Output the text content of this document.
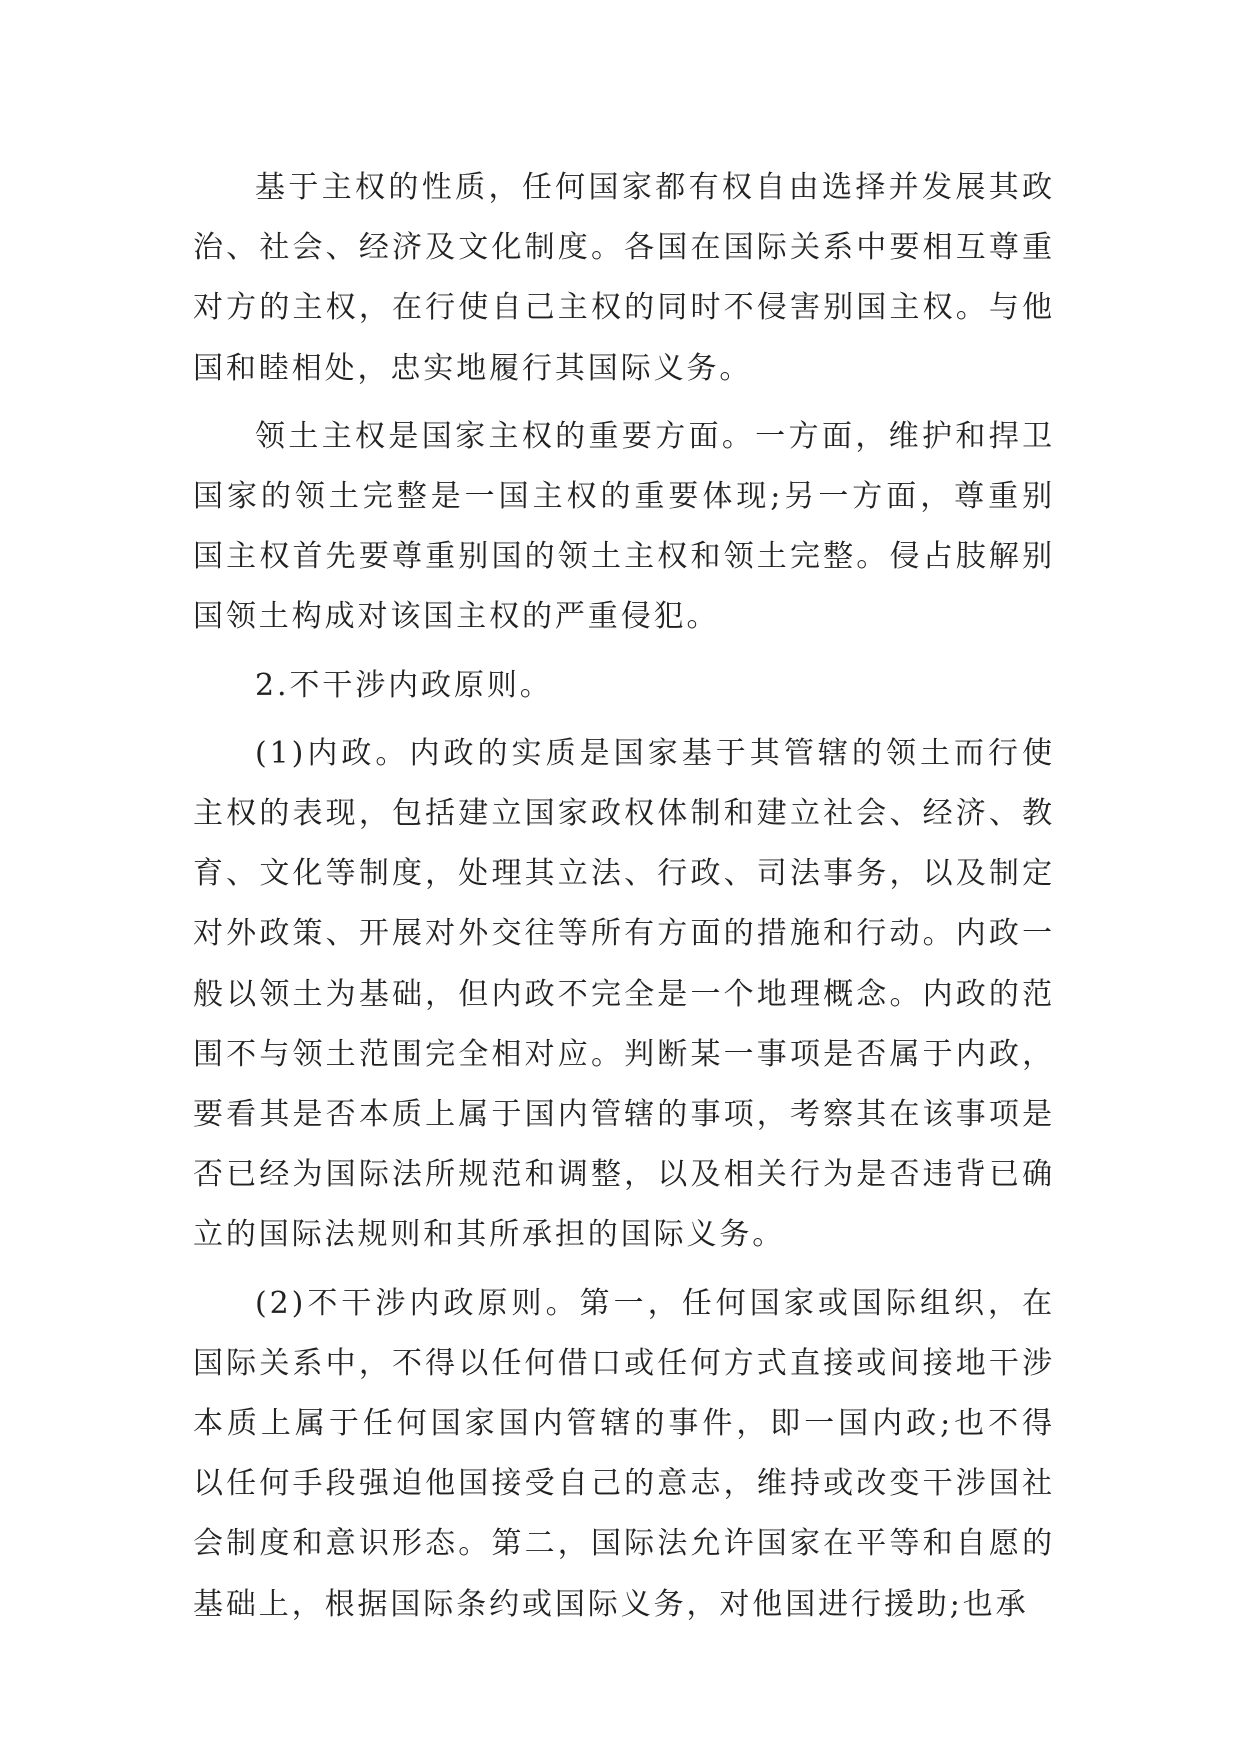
基于主权的性质，任何国家都有权自由选择并发展其政治、社会、经济及文化制度。各国在国际关系中要相互尊重对方的主权，在行使自己主权的同时不侵害别国主权。与他国和睦相处，忠实地履行其国际义务。

领土主权是国家主权的重要方面。一方面，维护和捍卫国家的领土完整是一国主权的重要体现;另一方面，尊重别国主权首先要尊重别国的领土主权和领土完整。侵占肢解别国领土构成对该国主权的严重侵犯。

2.不干涉内政原则。

(1)内政。内政的实质是国家基于其管辖的领土而行使主权的表现，包括建立国家政权体制和建立社会、经济、教育、文化等制度，处理其立法、行政、司法事务，以及制定对外政策、开展对外交往等所有方面的措施和行动。内政一般以领土为基础，但内政不完全是一个地理概念。内政的范围不与领土范围完全相对应。判断某一事项是否属于内政，要看其是否本质上属于国内管辖的事项，考察其在该事项是否已经为国际法所规范和调整，以及相关行为是否违背已确立的国际法规则和其所承担的国际义务。

(2)不干涉内政原则。第一，任何国家或国际组织，在国际关系中，不得以任何借口或任何方式直接或间接地干涉本质上属于任何国家国内管辖的事件，即一国内政;也不得以任何手段强迫他国接受自己的意志，维持或改变干涉国社会制度和意识形态。第二，国际法允许国家在平等和自愿的基础上，根据国际条约或国际义务，对他国进行援助;也承
